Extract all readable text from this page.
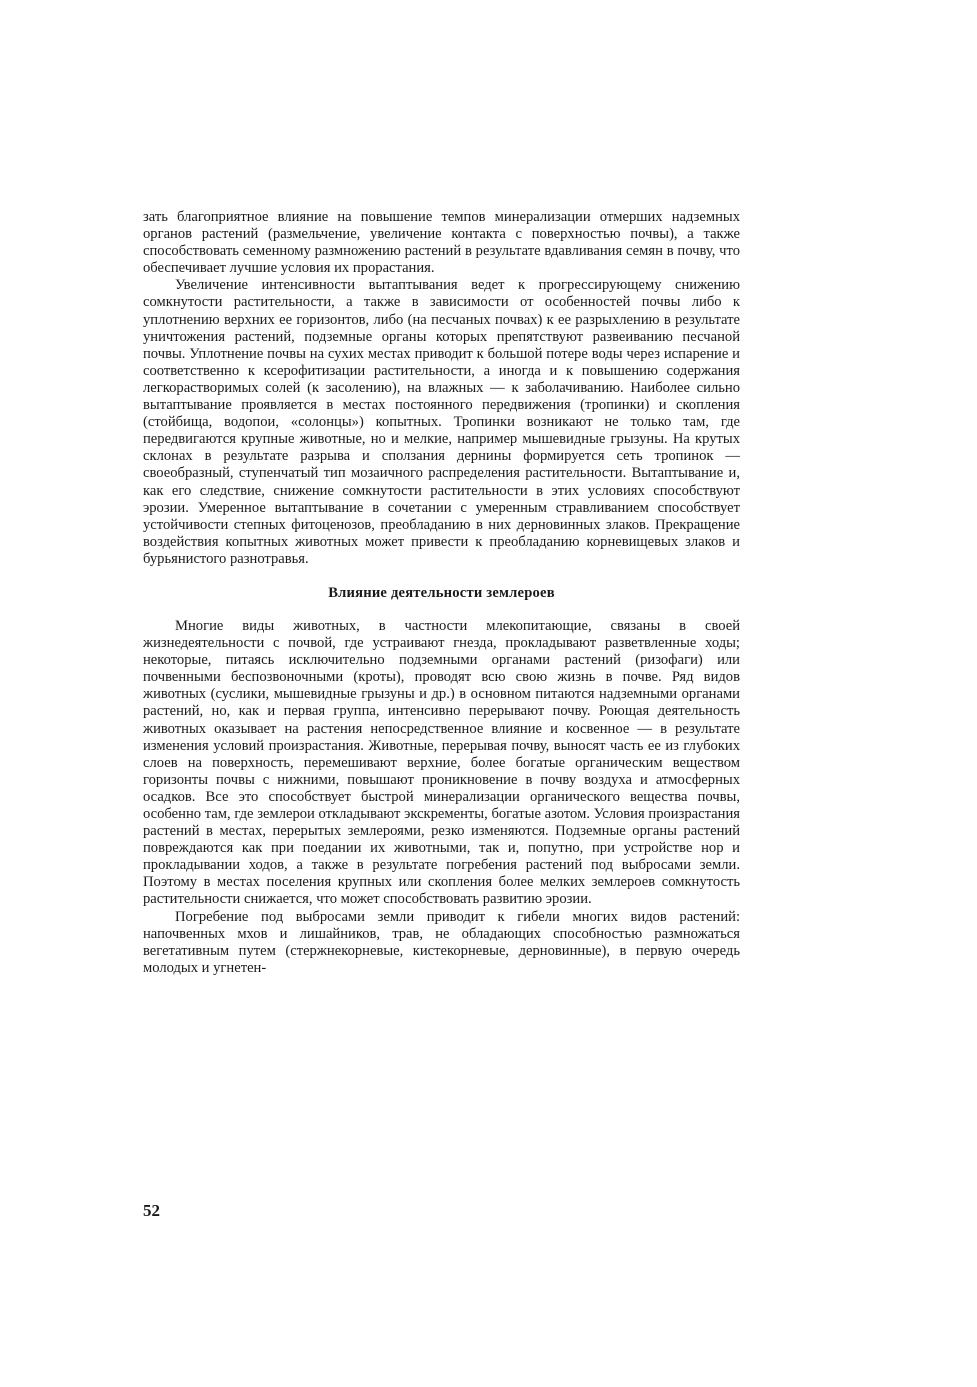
зать благоприятное влияние на повышение темпов минерализации отмерших надземных органов растений (размельчение, увеличение контакта с поверхностью почвы), а также способствовать семенному размножению растений в результате вдавливания семян в почву, что обеспечивает лучшие условия их прорастания.

Увеличение интенсивности вытаптывания ведет к прогрессирующему снижению сомкнутости растительности, а также в зависимости от особенностей почвы либо к уплотнению верхних ее горизонтов, либо (на песчаных почвах) к ее разрыхлению в результате уничтожения растений, подземные органы которых препятствуют развеиванию песчаной почвы. Уплотнение почвы на сухих местах приводит к большой потере воды через испарение и соответственно к ксерофитизации растительности, а иногда и к повышению содержания легкорастворимых солей (к засолению), на влажных — к заболачиванию. Наиболее сильно вытаптывание проявляется в местах постоянного передвижения (тропинки) и скопления (стойбища, водопои, «солонцы») копытных. Тропинки возникают не только там, где передвигаются крупные животные, но и мелкие, например мышевидные грызуны. На крутых склонах в результате разрыва и сползания дернины формируется сеть тропинок — своеобразный, ступенчатый тип мозаичного распределения растительности. Вытаптывание и, как его следствие, снижение сомкнутости растительности в этих условиях способствуют эрозии. Умеренное вытаптывание в сочетании с умеренным стравливанием способствует устойчивости степных фитоценозов, преобладанию в них дерновинных злаков. Прекращение воздействия копытных животных может привести к преобладанию корневищевых злаков и бурьянистого разнотравья.

Влияние деятельности землероев

Многие виды животных, в частности млекопитающие, связаны в своей жизнедеятельности с почвой, где устраивают гнезда, прокладывают разветвленные ходы; некоторые, питаясь исключительно подземными органами растений (ризофаги) или почвенными беспозвоночными (кроты), проводят всю свою жизнь в почве. Ряд видов животных (суслики, мышевидные грызуны и др.) в основном питаются надземными органами растений, но, как и первая группа, интенсивно перерывают почву. Роющая деятельность животных оказывает на растения непосредственное влияние и косвенное — в результате изменения условий произрастания. Животные, перерывая почву, выносят часть ее из глубоких слоев на поверхность, перемешивают верхние, более богатые органическим веществом горизонты почвы с нижними, повышают проникновение в почву воздуха и атмосферных осадков. Все это способствует быстрой минерализации органического вещества почвы, особенно там, где землерои откладывают экскременты, богатые азотом. Условия произрастания растений в местах, перерытых землероями, резко изменяются. Подземные органы растений повреждаются как при поедании их животными, так и, попутно, при устройстве нор и прокладывании ходов, а также в результате погребения растений под выбросами земли. Поэтому в местах поселения крупных или скопления более мелких землероев сомкнутость растительности снижается, что может способствовать развитию эрозии.

Погребение под выбросами земли приводит к гибели многих видов растений: напочвенных мхов и лишайников, трав, не обладающих способностью размножаться вегетативным путем (стержнекорневые, кистекорневые, дерновинные), в первую очередь молодых и угнетен-

52
